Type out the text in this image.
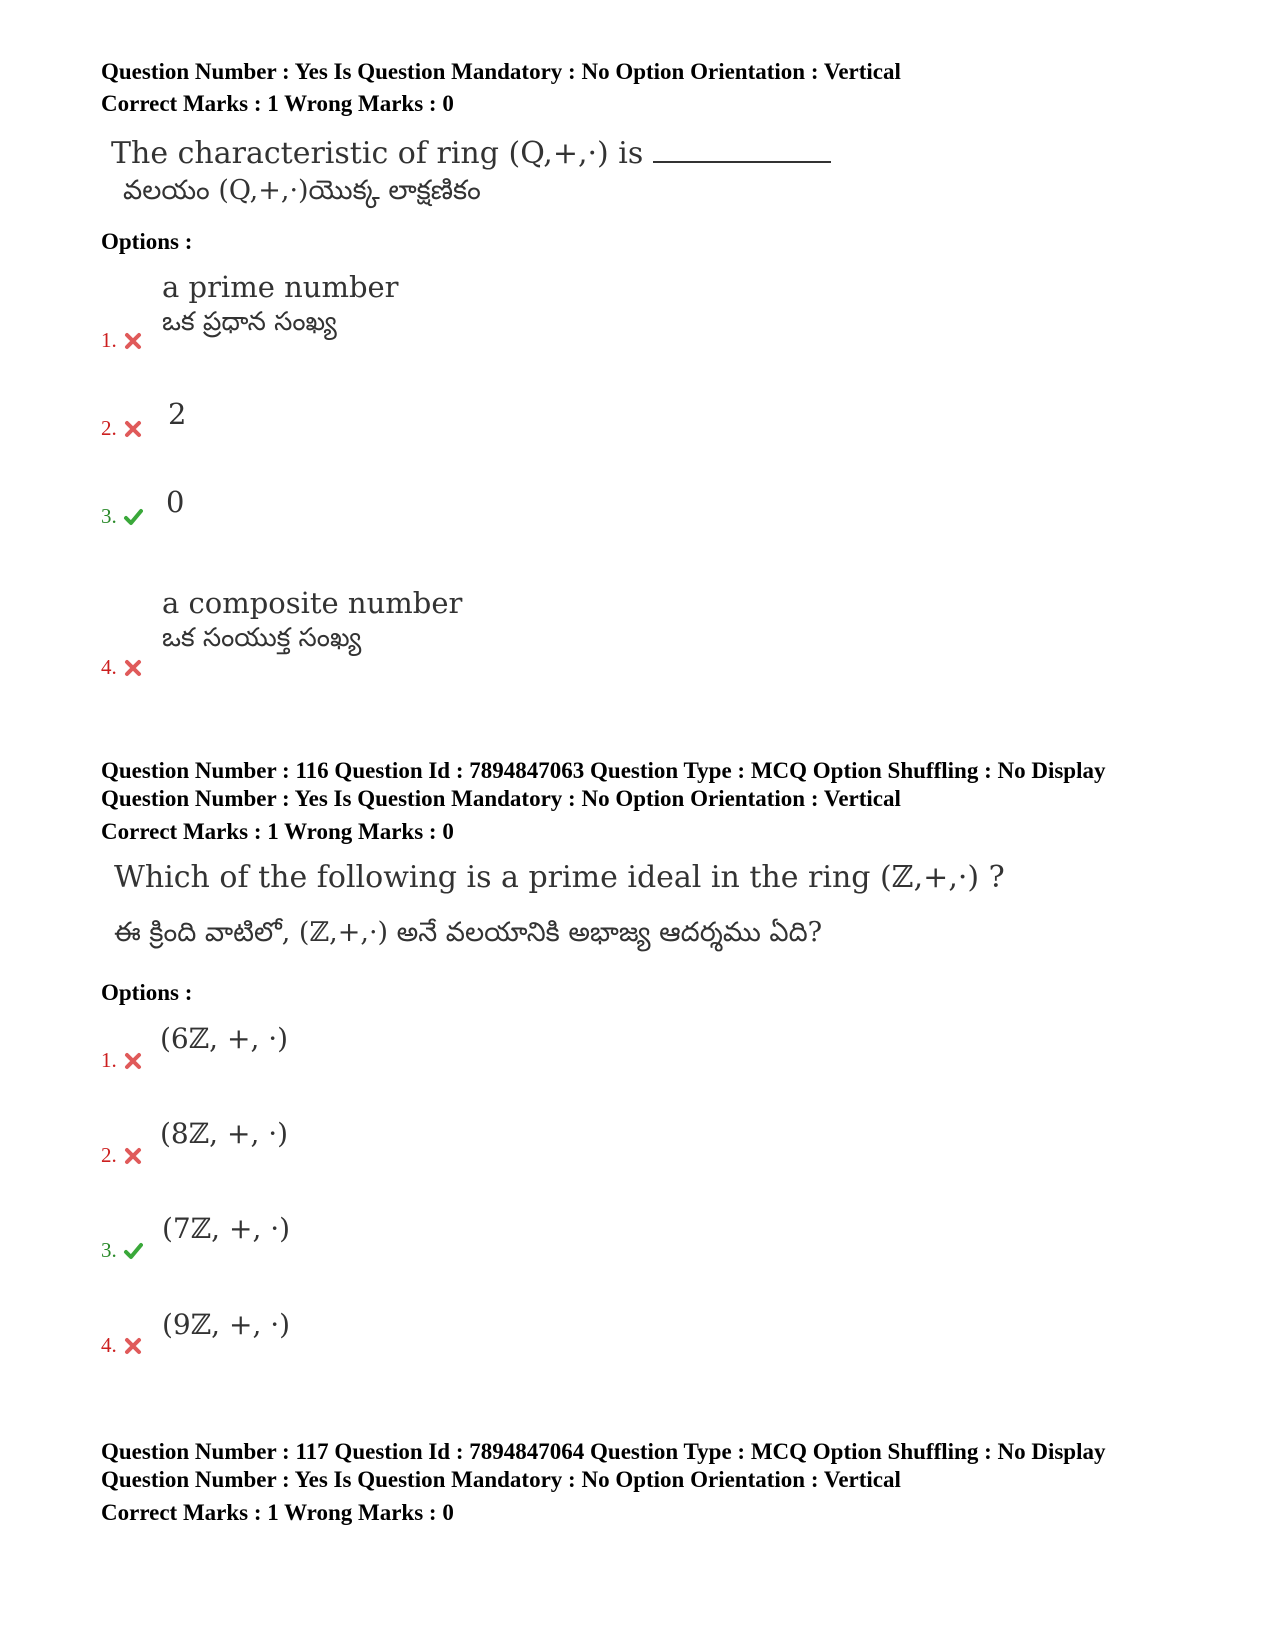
Question Number : Yes Is Question Mandatory : No Option Orientation : Vertical
Correct Marks : 1 Wrong Marks : 0
The characteristic of ring (Q,+,·) is
వలయం (Q,+,·)యొక్క లాక్షణికం
Options :
a prime number
ఒక ప్రధాన సంఖ్య
1.
2
2.
0
3.
a composite number
ఒక సంయుక్త సంఖ్య
4.
Question Number : 116 Question Id : 7894847063 Question Type : MCQ Option Shuffling : No Display
Question Number : Yes Is Question Mandatory : No Option Orientation : Vertical
Correct Marks : 1 Wrong Marks : 0
Which of the following is a prime ideal in the ring (ℤ,+,·) ?
ఈ క్రింది వాటిలో, (ℤ,+,·) అనే వలయానికి అభాజ్య ఆదర్శము ఏది?
Options :
(6ℤ, +, ·)
1.
(8ℤ, +, ·)
2.
(7ℤ, +, ·)
3.
(9ℤ, +, ·)
4.
Question Number : 117 Question Id : 7894847064 Question Type : MCQ Option Shuffling : No Display
Question Number : Yes Is Question Mandatory : No Option Orientation : Vertical
Correct Marks : 1 Wrong Marks : 0
